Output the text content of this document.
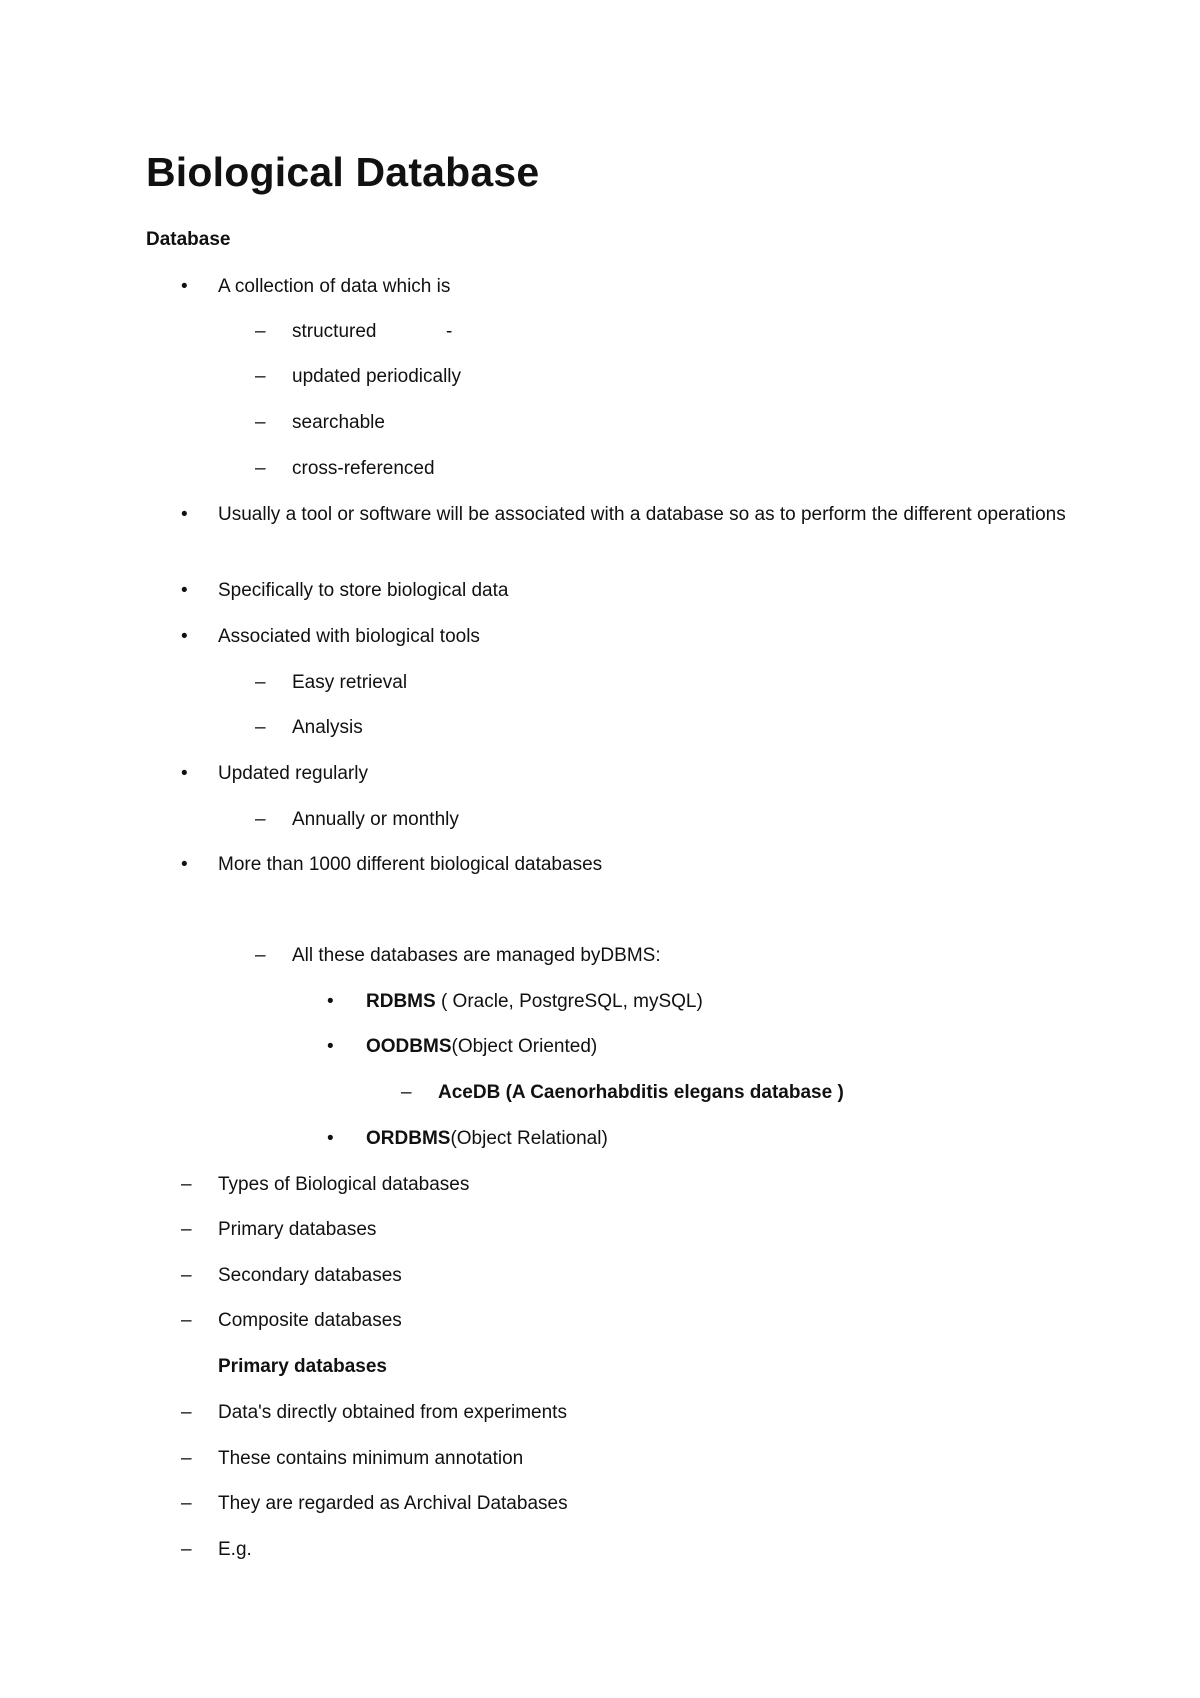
Biological Database
Database
• A collection of data which is
– structured	-
– updated periodically
– searchable
– cross-referenced
• Usually a tool or software will be associated with a database so as to perform the different operations
• Specifically to store biological data
• Associated with biological tools
– Easy retrieval
– Analysis
• Updated regularly
– Annually or monthly
• More than 1000 different biological databases
– All these databases are managed byDBMS:
• RDBMS ( Oracle, PostgreSQL, mySQL)
• OODBMS(Object Oriented)
– AceDB (A Caenorhabditis elegans database )
• ORDBMS(Object Relational)
– Types of Biological databases
– Primary databases
– Secondary databases
– Composite databases
Primary databases
– Data's directly obtained from experiments
– These contains minimum annotation
– They are regarded as Archival Databases
– E.g.
